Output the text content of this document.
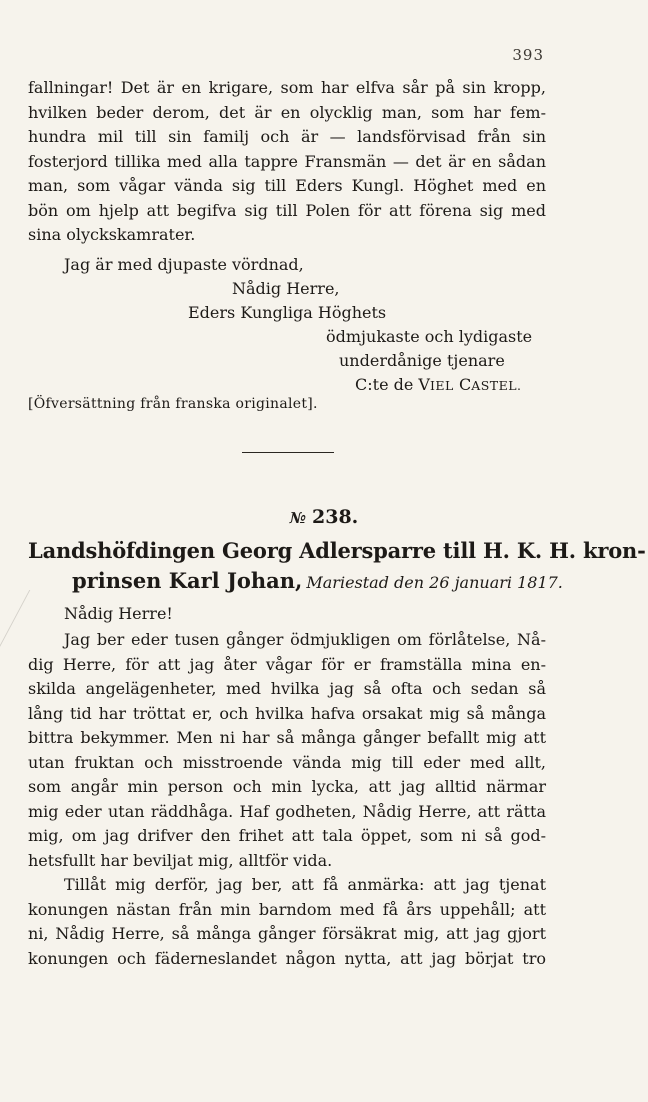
393
fallningar! Det är en krigare, som har elfva sår på sin kropp,
hvilken beder derom, det är en olycklig man, som har fem-
hundra mil till sin familj och är — landsförvisad från sin
fosterjord tillika med alla tappre Fransmän — det är en sådan
man, som vågar vända sig till Eders Kungl. Höghet med en
bön om hjelp att begifva sig till Polen för att förena sig med
sina olyckskamrater.
Jag är med djupaste vördnad,
Nådig Herre,
Eders Kungliga Höghets
ödmjukaste och lydigaste
underdånige tjenare
C:te de VIEL CASTEL.
[Öfversättning från franska originalet].
№ 238.
Landshöfdingen Georg Adlersparre till H. K. H. kron-
prinsen Karl Johan, Mariestad den 26 januari 1817.
Nådig Herre!
Jag ber eder tusen gånger ödmjukligen om förlåtelse, Nå-
dig Herre, för att jag åter vågar för er framställa mina en-
skilda angelägenheter, med hvilka jag så ofta och sedan så
lång tid har tröttat er, och hvilka hafva orsakat mig så många
bittra bekymmer. Men ni har så många gånger befallt mig att
utan fruktan och misstroende vända mig till eder med allt,
som angår min person och min lycka, att jag alltid närmar
mig eder utan räddhåga. Haf godheten, Nådig Herre, att rätta
mig, om jag drifver den frihet att tala öppet, som ni så god-
hetsfullt har beviljat mig, alltför vida.
Tillåt mig derför, jag ber, att få anmärka: att jag tjenat
konungen nästan från min barndom med få års uppehåll; att
ni, Nådig Herre, så många gånger försäkrat mig, att jag gjort
konungen och fäderneslandet någon nytta, att jag börjat tro
